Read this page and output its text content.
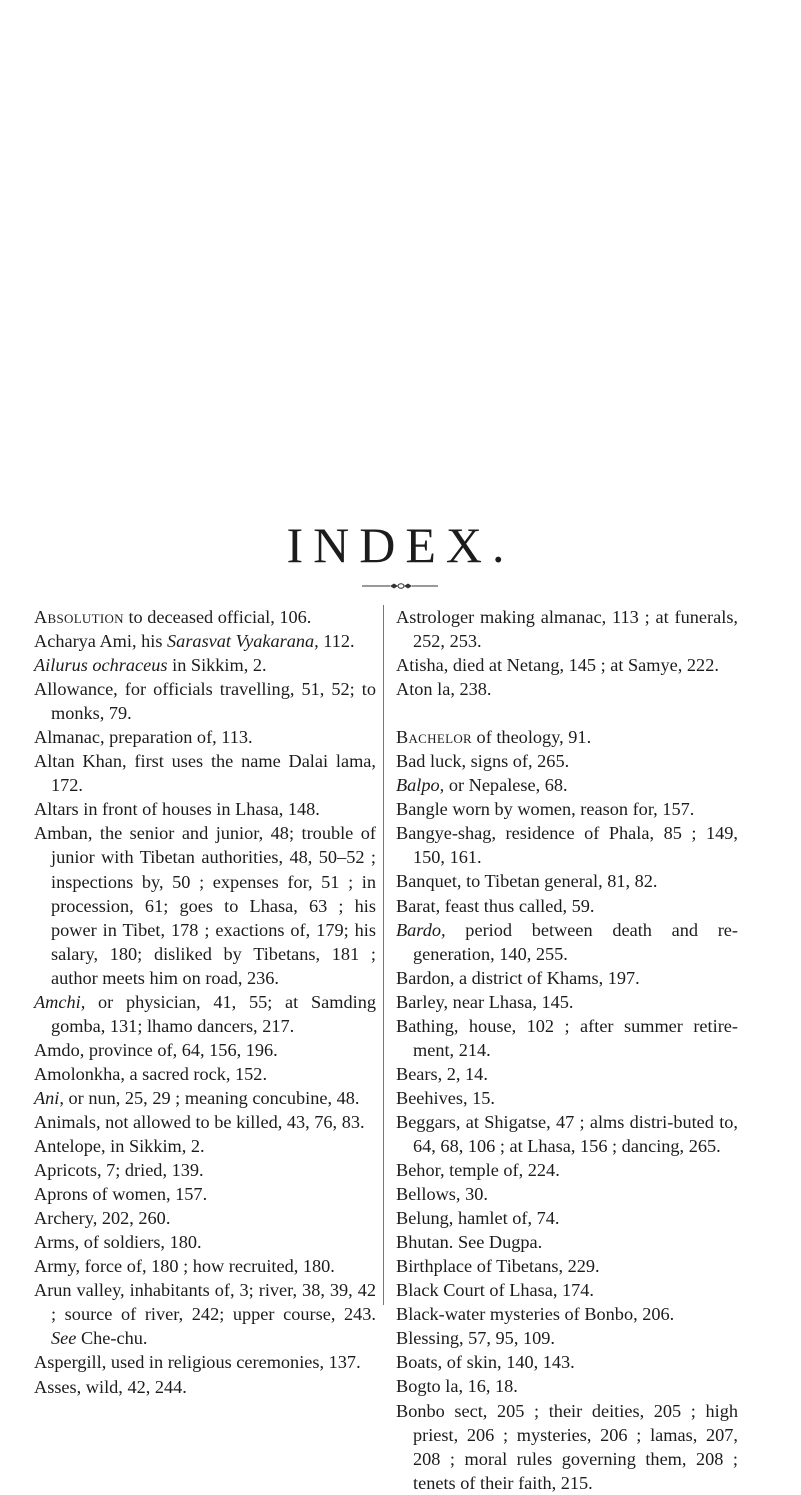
INDEX.
Absolution to deceased official, 106.
Acharya Ami, his Sarasvat Vyakarana, 112.
Ailurus ochraceus in Sikkim, 2.
Allowance, for officials travelling, 51, 52; to monks, 79.
Almanac, preparation of, 113.
Altan Khan, first uses the name Dalai lama, 172.
Altars in front of houses in Lhasa, 148.
Amban, the senior and junior, 48; trouble of junior with Tibetan authorities, 48, 50–52 ; inspections by, 50 ; expenses for, 51 ; in procession, 61; goes to Lhasa, 63 ; his power in Tibet, 178 ; exactions of, 179; his salary, 180; disliked by Tibetans, 181 ; author meets him on road, 236.
Amchi, or physician, 41, 55; at Samding gomba, 131; lhamo dancers, 217.
Amdo, province of, 64, 156, 196.
Amolonkha, a sacred rock, 152.
Ani, or nun, 25, 29 ; meaning concubine, 48.
Animals, not allowed to be killed, 43, 76, 83.
Antelope, in Sikkim, 2.
Apricots, 7; dried, 139.
Aprons of women, 157.
Archery, 202, 260.
Arms, of soldiers, 180.
Army, force of, 180 ; how recruited, 180.
Arun valley, inhabitants of, 3; river, 38, 39, 42 ; source of river, 242; upper course, 243. See Che-chu.
Aspergill, used in religious ceremonies, 137.
Asses, wild, 42, 244.
Astrologer making almanac, 113 ; at funerals, 252, 253.
Atisha, died at Netang, 145 ; at Samye, 222.
Aton la, 238.
Bachelor of theology, 91.
Bad luck, signs of, 265.
Balpo, or Nepalese, 68.
Bangle worn by women, reason for, 157.
Bangye-shag, residence of Phala, 85 ; 149, 150, 161.
Banquet, to Tibetan general, 81, 82.
Barat, feast thus called, 59.
Bardo, period between death and re-generation, 140, 255.
Bardon, a district of Khams, 197.
Barley, near Lhasa, 145.
Bathing, house, 102 ; after summer retire-ment, 214.
Bears, 2, 14.
Beehives, 15.
Beggars, at Shigatse, 47 ; alms distri-buted to, 64, 68, 106 ; at Lhasa, 156 ; dancing, 265.
Behor, temple of, 224.
Bellows, 30.
Belung, hamlet of, 74.
Bhutan. See Dugpa.
Birthplace of Tibetans, 229.
Black Court of Lhasa, 174.
Black-water mysteries of Bonbo, 206.
Blessing, 57, 95, 109.
Boats, of skin, 140, 143.
Bogto la, 16, 18.
Bonbo sect, 205 ; their deities, 205 ; high priest, 206 ; mysteries, 206 ; lamas, 207, 208 ; moral rules governing them, 208 ; tenets of their faith, 215.
